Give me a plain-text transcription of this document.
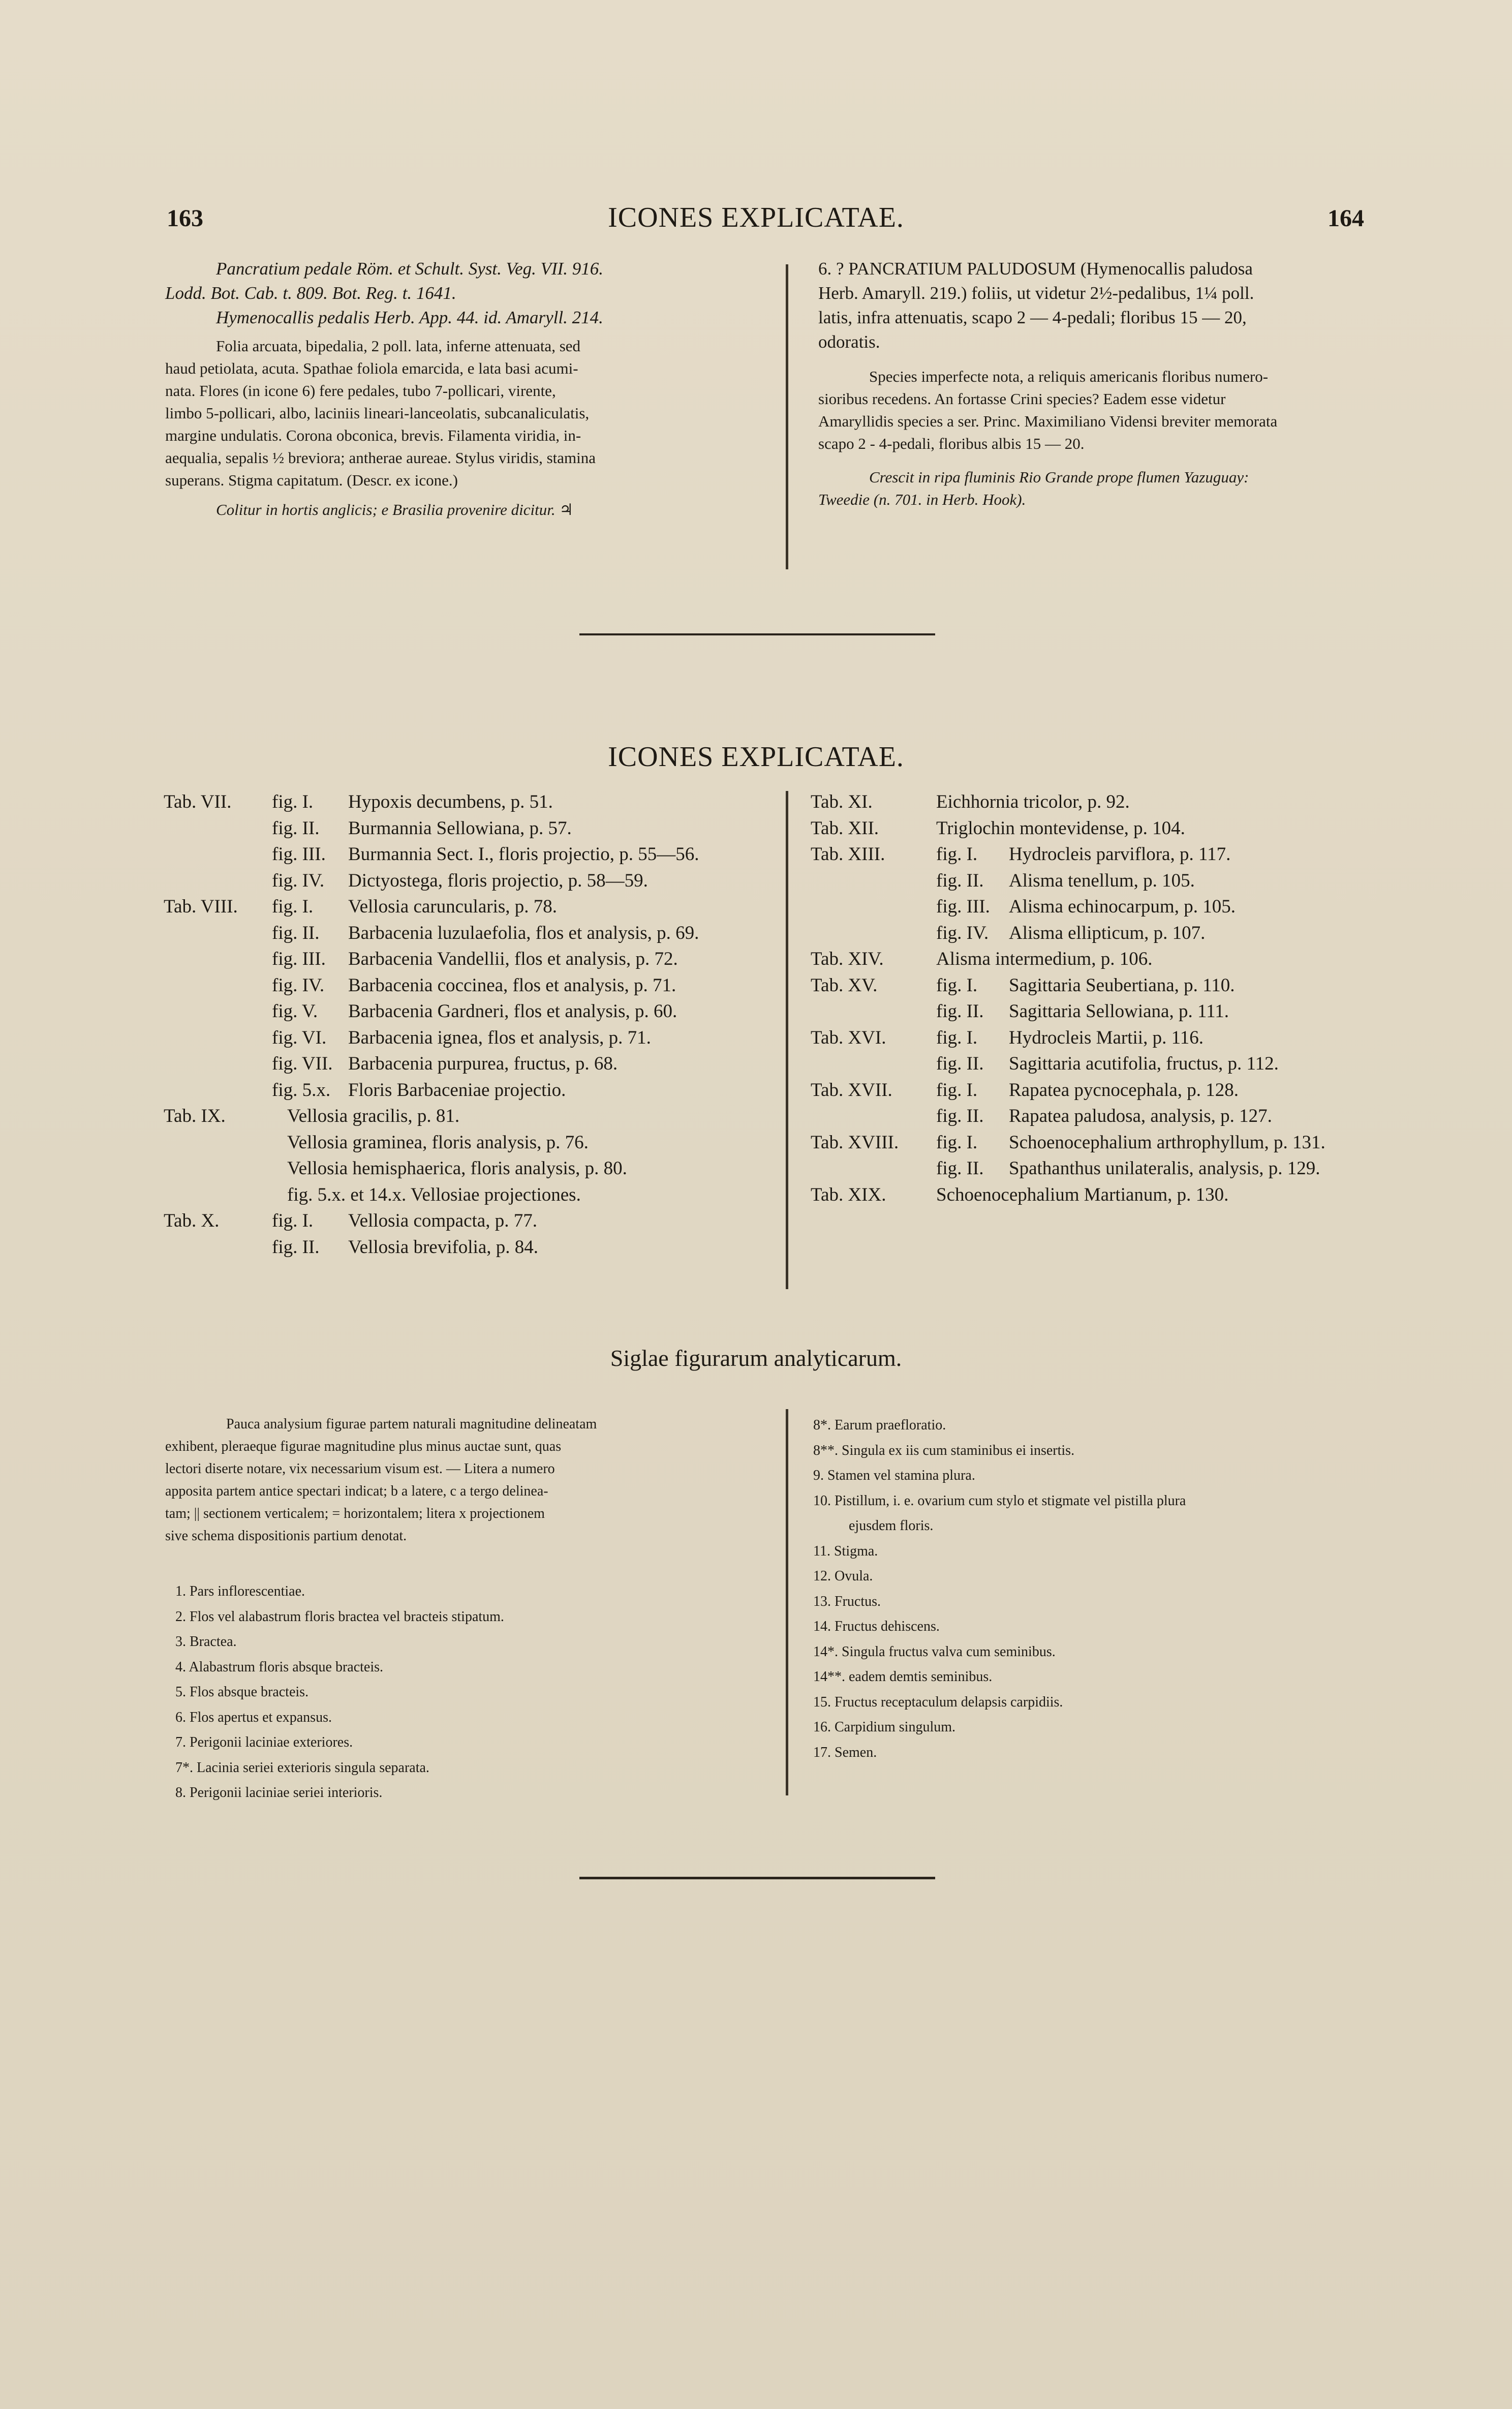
163	ICONES EXPLICATAE.	164

Pancratium pedale Röm. et Schult. Syst. Veg. VII. 916.

Lodd. Bot. Cab. t. 809. Bot. Reg. t. 1641.

Hymenocallis pedalis Herb. App. 44. id. Amaryll. 214.

Folia arcuata, bipedalia, 2 poll. lata, inferne attenuata, sed

haud petiolata, acuta. Spathae foliola emarcida, e lata basi acumi-

nata. Flores (in icone 6) fere pedales, tubo 7-pollicari, virente,

limbo 5-pollicari, albo, laciniis lineari-lanceolatis, subcanaliculatis,

margine undulatis. Corona obconica, brevis. Filamenta viridia, in-

aequalia, sepalis ½ breviora; antherae aureae. Stylus viridis, stamina

superans. Stigma capitatum. (Descr. ex icone.)

Colitur in hortis anglicis; e Brasilia provenire dicitur. ♃

6. ? PANCRATIUM PALUDOSUM (Hymenocallis paludosa

Herb. Amaryll. 219.) foliis, ut videtur 2½-pedalibus, 1¼ poll.

latis, infra attenuatis, scapo 2 — 4-pedali; floribus 15 — 20,

odoratis.

Species imperfecte nota, a reliquis americanis floribus numero-

sioribus recedens. An fortasse Crini species? Eadem esse videtur

Amaryllidis species a ser. Princ. Maximiliano Vidensi breviter memorata

scapo 2 - 4-pedali, floribus albis 15 — 20.

Crescit in ripa fluminis Rio Grande prope flumen Yazuguay:

Tweedie (n. 701. in Herb. Hook).

ICONES EXPLICATAE.
Tab. VII. fig. I. Hypoxis decumbens, p. 51.
fig. II. Burmannia Sellowiana, p. 57.
fig. III. Burmannia Sect. I., floris projectio, p. 55—56.
fig. IV. Dictyostega, floris projectio, p. 58—59.
Tab. VIII. fig. I. Vellosia caruncularis, p. 78.
fig. II. Barbacenia luzulaefolia, flos et analysis, p. 69.
fig. III. Barbacenia Vandellii, flos et analysis, p. 72.
fig. IV. Barbacenia coccinea, flos et analysis, p. 71.
fig. V. Barbacenia Gardneri, flos et analysis, p. 60.
fig. VI. Barbacenia ignea, flos et analysis, p. 71.
fig. VII. Barbacenia purpurea, fructus, p. 68.
fig. 5.x. Floris Barbaceniae projectio.
Tab. IX.	Vellosia gracilis, p. 81.
Vellosia graminea, floris analysis, p. 76.
Vellosia hemisphaerica, floris analysis, p. 80.
fig. 5.x. et 14.x. Vellosiae projectiones.
Tab. X.	fig. I. Vellosia compacta, p. 77.
fig. II. Vellosia brevifolia, p. 84.
Tab. XI.	Eichhornia tricolor, p. 92.
Tab. XII.	Triglochin montevidense, p. 104.
Tab. XIII.	fig. I. Hydrocleis parviflora, p. 117.
fig. II. Alisma tenellum, p. 105.
fig. III. Alisma echinocarpum, p. 105.
fig. IV. Alisma ellipticum, p. 107.
Tab. XIV.	Alisma intermedium, p. 106.
Tab. XV.	fig. I. Sagittaria Seubertiana, p. 110.
fig. II. Sagittaria Sellowiana, p. 111.
Tab. XVI.	fig. I. Hydrocleis Martii, p. 116.
fig. II. Sagittaria acutifolia, fructus, p. 112.
Tab. XVII. fig. I. Rapatea pycnocephala, p. 128.
fig. II. Rapatea paludosa, analysis, p. 127.
Tab. XVIII. fig. I. Schoenocephalium arthrophyllum, p. 131.
fig. II. Spathanthus unilateralis, analysis, p. 129.
Tab. XIX.	Schoenocephalium Martianum, p. 130.
Siglae figurarum analyticarum.

Pauca analysium figurae partem naturali magnitudine delineatam

exhibent, pleraeque figurae magnitudine plus minus auctae sunt, quas

lectori diserte notare, vix necessarium visum est. — Litera a numero

apposita partem antice spectari indicat; b a latere, c a tergo delinea-

tam; || sectionem verticalem; = horizontalem; litera x projectionem

sive schema dispositionis partium denotat.

1. Pars inflorescentiae.
2. Flos vel alabastrum floris bractea vel bracteis stipatum.
3. Bractea.
4. Alabastrum floris absque bracteis.
5. Flos absque bracteis.
6. Flos apertus et expansus.
7. Perigonii laciniae exteriores.
7*. Lacinia seriei exterioris singula separata.
8. Perigonii laciniae seriei interioris.
8*. Earum praefloratio.
8**. Singula ex iis cum staminibus ei insertis.
9. Stamen vel stamina plura.
10. Pistillum, i. e. ovarium cum stylo et stigmate vel pistilla plura
ejusdem floris.
11. Stigma.
12. Ovula.
13. Fructus.
14. Fructus dehiscens.
14*. Singula fructus valva cum seminibus.
14**. eadem demtis seminibus.
15. Fructus receptaculum delapsis carpidiis.
16. Carpidium singulum.
17. Semen.
